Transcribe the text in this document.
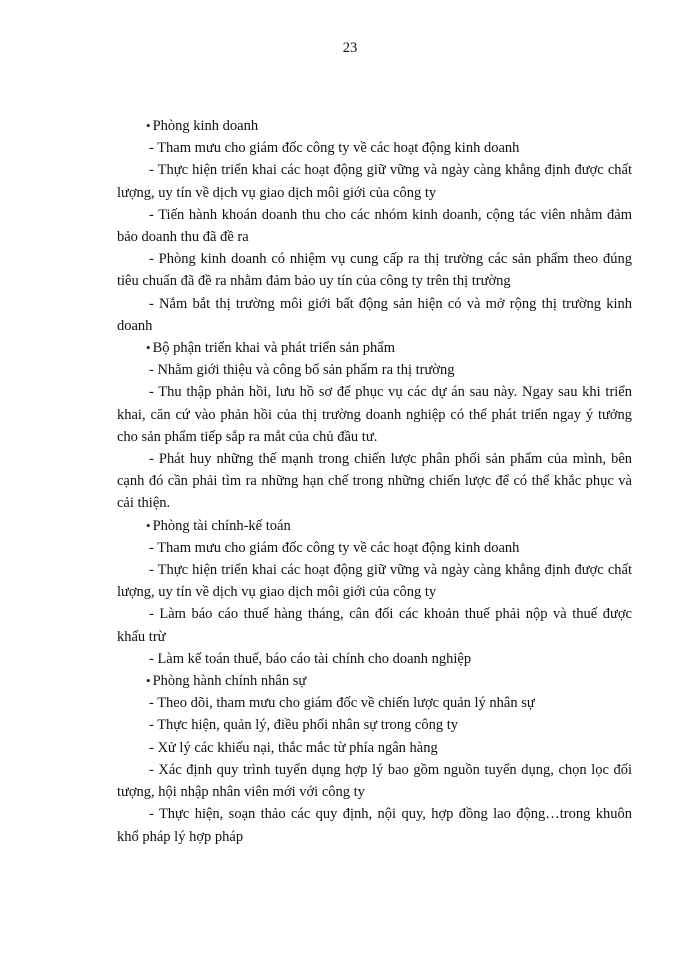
23

• Phòng kinh doanh

- Tham mưu cho giám đốc công ty về các hoạt động kinh doanh

- Thực hiện triển khai các hoạt động giữ vững và ngày càng khẳng định được chất lượng, uy tín về dịch vụ giao dịch môi giới của công ty

- Tiến hành khoán doanh thu cho các nhóm kinh doanh, cộng tác viên nhằm đảm bảo doanh thu đã đề ra

- Phòng kinh doanh có nhiệm vụ cung cấp ra thị trường các sản phẩm theo đúng tiêu chuẩn đã đề ra nhằm đảm bảo uy tín của công ty trên thị trường

- Nắm bắt thị trường môi giới bất động sản hiện có và mở rộng thị trường kinh doanh

• Bộ phận triển khai và phát triển sản phẩm

- Nhằm giới thiệu và công bố sản phẩm ra thị trường

- Thu thập phản hồi, lưu hồ sơ để phục vụ các dự án sau này. Ngay sau khi triển khai, căn cứ vào phản hồi của thị trường doanh nghiệp có thể phát triển ngay ý tưởng cho sản phẩm tiếp sắp ra mắt của chủ đầu tư.

- Phát huy những thế mạnh trong chiến lược phân phối sản phẩm của mình, bên cạnh đó cần phải tìm ra những hạn chế trong những chiến lược để có thể khắc phục và cải thiện.

• Phòng tài chính-kế toán

- Tham mưu cho giám đốc công ty về các hoạt động kinh doanh

- Thực hiện triển khai các hoạt động giữ vững và ngày càng khẳng định được chất lượng, uy tín về dịch vụ giao dịch môi giới của công ty

- Làm báo cáo thuế hàng tháng, cân đối các khoản thuế phải nộp và thuế được khấu trừ

- Làm kế toán thuế, báo cáo tài chính cho doanh nghiệp

• Phòng hành chính nhân sự

- Theo dõi, tham mưu cho giám đốc về chiến lược quản lý nhân sự

- Thực hiện, quản lý, điều phối nhân sự trong công ty

- Xử lý các khiếu nại, thắc mắc từ phía ngân hàng

- Xác định quy trình tuyển dụng hợp lý bao gồm nguồn tuyển dụng, chọn lọc đối tượng, hội nhập nhân viên mới với công ty

- Thực hiện, soạn thảo các quy định, nội quy, hợp đồng lao động…trong khuôn khổ pháp lý hợp pháp
